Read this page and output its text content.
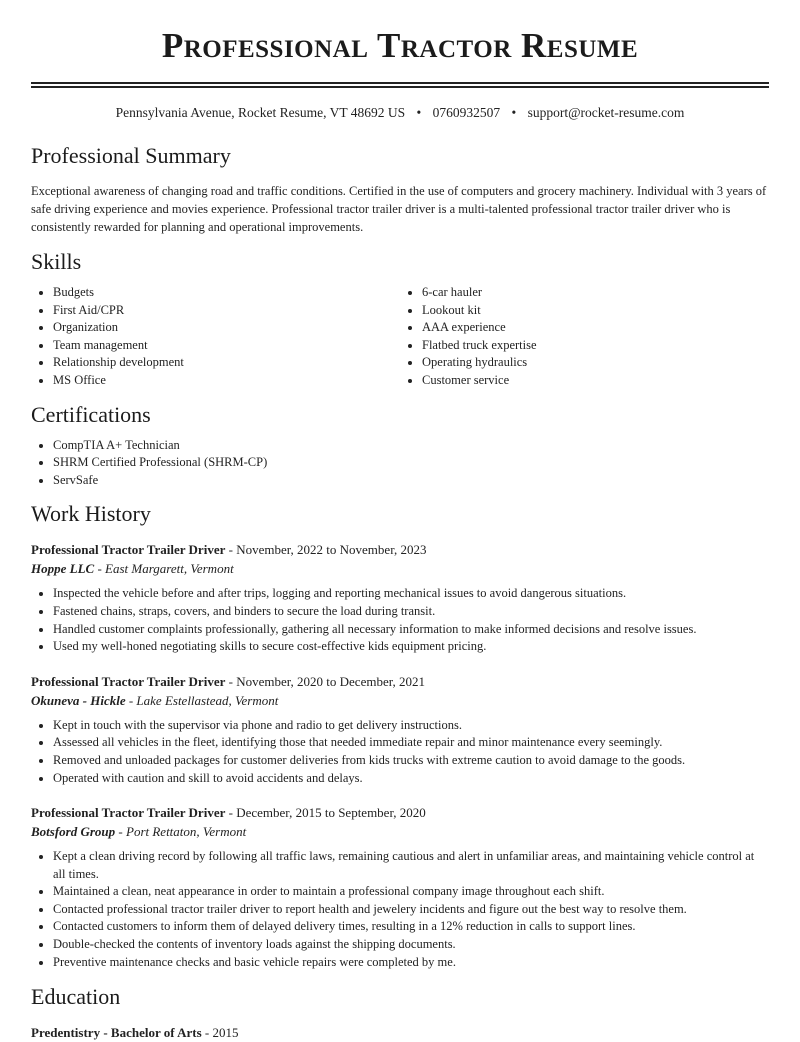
Professional Tractor Resume
Pennsylvania Avenue, Rocket Resume, VT 48692 US • 0760932507 • support@rocket-resume.com
Professional Summary

Exceptional awareness of changing road and traffic conditions. Certified in the use of computers and grocery machinery. Individual with 3 years of safe driving experience and movies experience. Professional tractor trailer driver is a multi-talented professional tractor trailer driver who is consistently rewarded for planning and operational improvements.

Skills
• Budgets
• First Aid/CPR
• Organization
• Team management
• Relationship development
• MS Office
• 6-car hauler
• Lookout kit
• AAA experience
• Flatbed truck expertise
• Operating hydraulics
• Customer service
Certifications
• CompTIA A+ Technician
• SHRM Certified Professional (SHRM-CP)
• ServSafe
Work History
Professional Tractor Trailer Driver - November, 2022 to November, 2023
Hoppe LLC - East Margarett, Vermont
• Inspected the vehicle before and after trips, logging and reporting mechanical issues to avoid dangerous situations.
• Fastened chains, straps, covers, and binders to secure the load during transit.
• Handled customer complaints professionally, gathering all necessary information to make informed decisions and resolve issues.
• Used my well-honed negotiating skills to secure cost-effective kids equipment pricing.
Professional Tractor Trailer Driver - November, 2020 to December, 2021
Okuneva - Hickle - Lake Estellastead, Vermont
• Kept in touch with the supervisor via phone and radio to get delivery instructions.
• Assessed all vehicles in the fleet, identifying those that needed immediate repair and minor maintenance every seemingly.
• Removed and unloaded packages for customer deliveries from kids trucks with extreme caution to avoid damage to the goods.
• Operated with caution and skill to avoid accidents and delays.
Professional Tractor Trailer Driver - December, 2015 to September, 2020
Botsford Group - Port Rettaton, Vermont
• Kept a clean driving record by following all traffic laws, remaining cautious and alert in unfamiliar areas, and maintaining vehicle control at all times.
• Maintained a clean, neat appearance in order to maintain a professional company image throughout each shift.
• Contacted professional tractor trailer driver to report health and jewelery incidents and figure out the best way to resolve them.
• Contacted customers to inform them of delayed delivery times, resulting in a 12% reduction in calls to support lines.
• Double-checked the contents of inventory loads against the shipping documents.
• Preventive maintenance checks and basic vehicle repairs were completed by me.
Education
Predentistry - Bachelor of Arts - 2015
